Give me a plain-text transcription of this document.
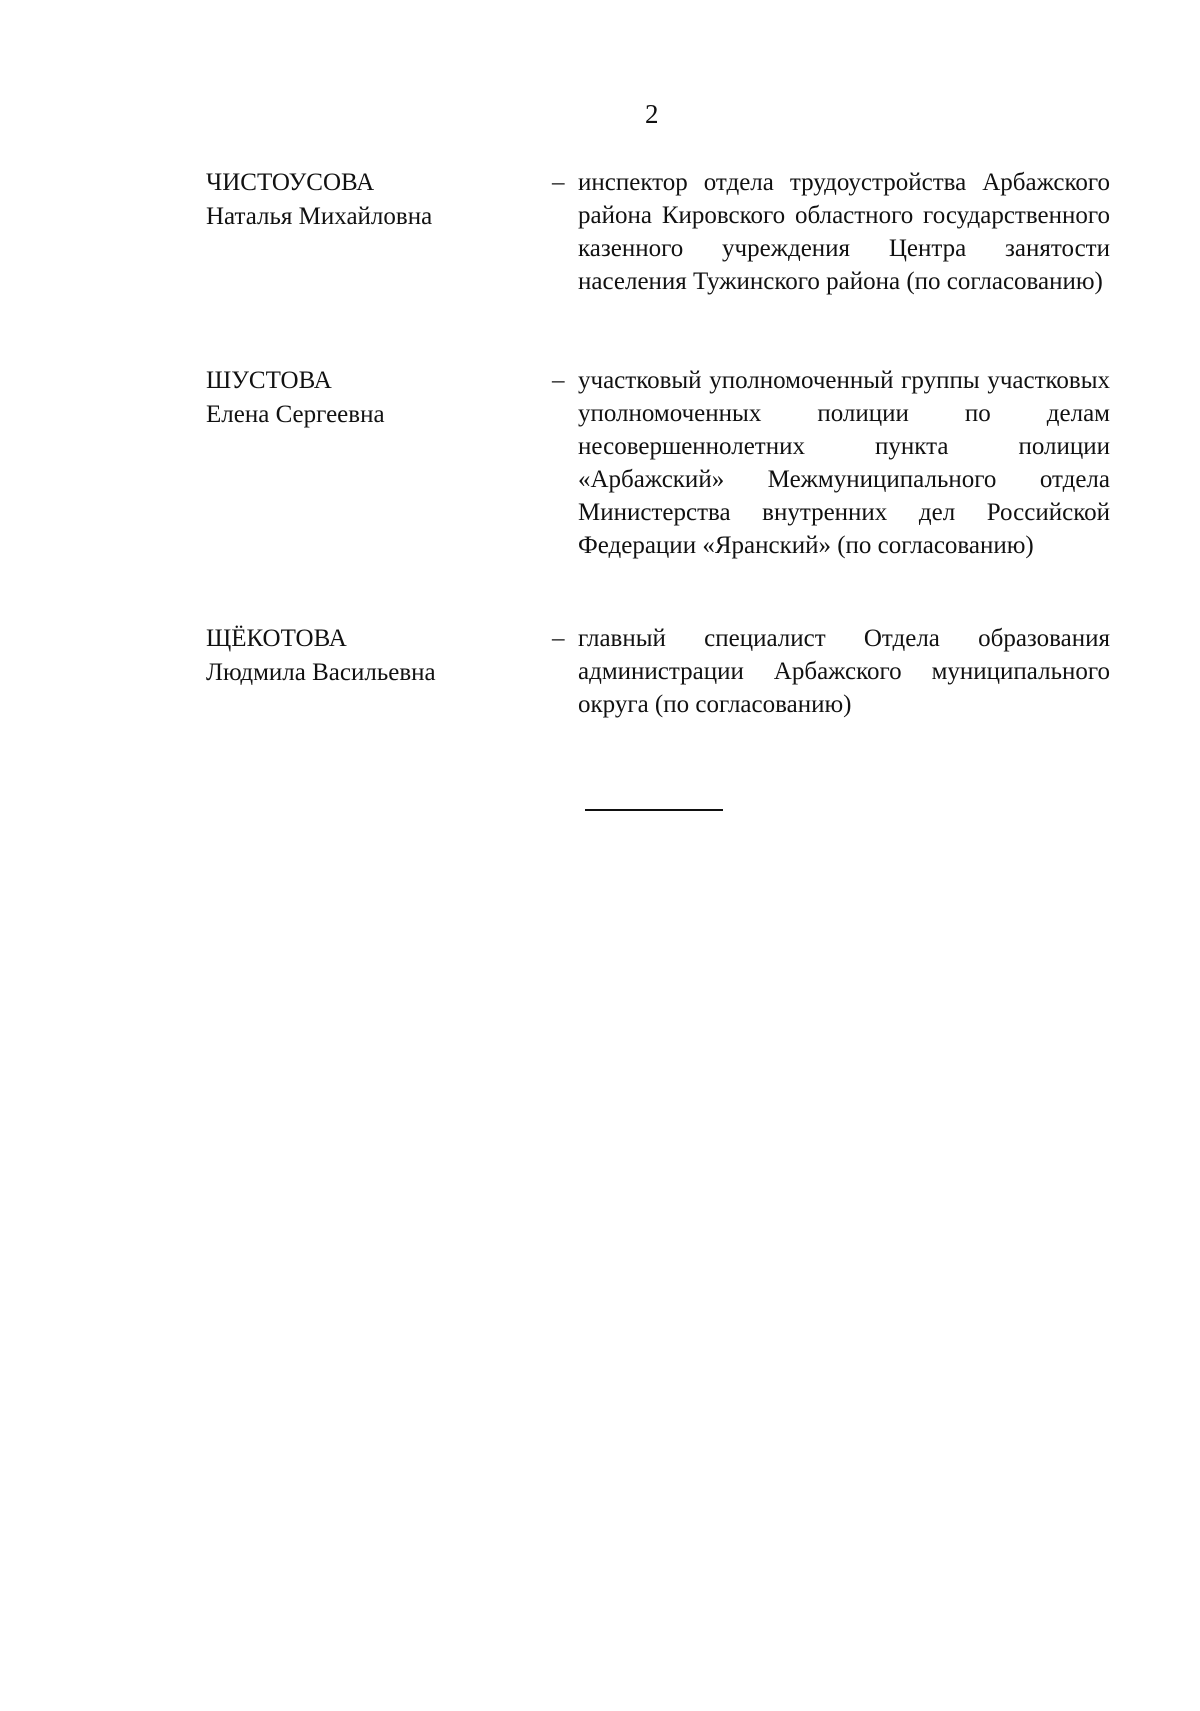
2
ЧИСТОУСОВА
Наталья Михайловна
– инспектор отдела трудоустройства Арбажского района Кировского областного государственного казенного учреждения Центра занятости населения Тужинского района (по согласованию)
ШУСТОВА
Елена Сергеевна
– участковый уполномоченный группы участковых уполномоченных полиции по делам несовершеннолетних пункта полиции «Арбажский» Межмуниципального отдела Министерства внутренних дел Российской Федерации «Яранский» (по согласованию)
ЩЁКОТОВА
Людмила Васильевна
– главный специалист Отдела образования администрации Арбажского муниципального округа (по согласованию)
